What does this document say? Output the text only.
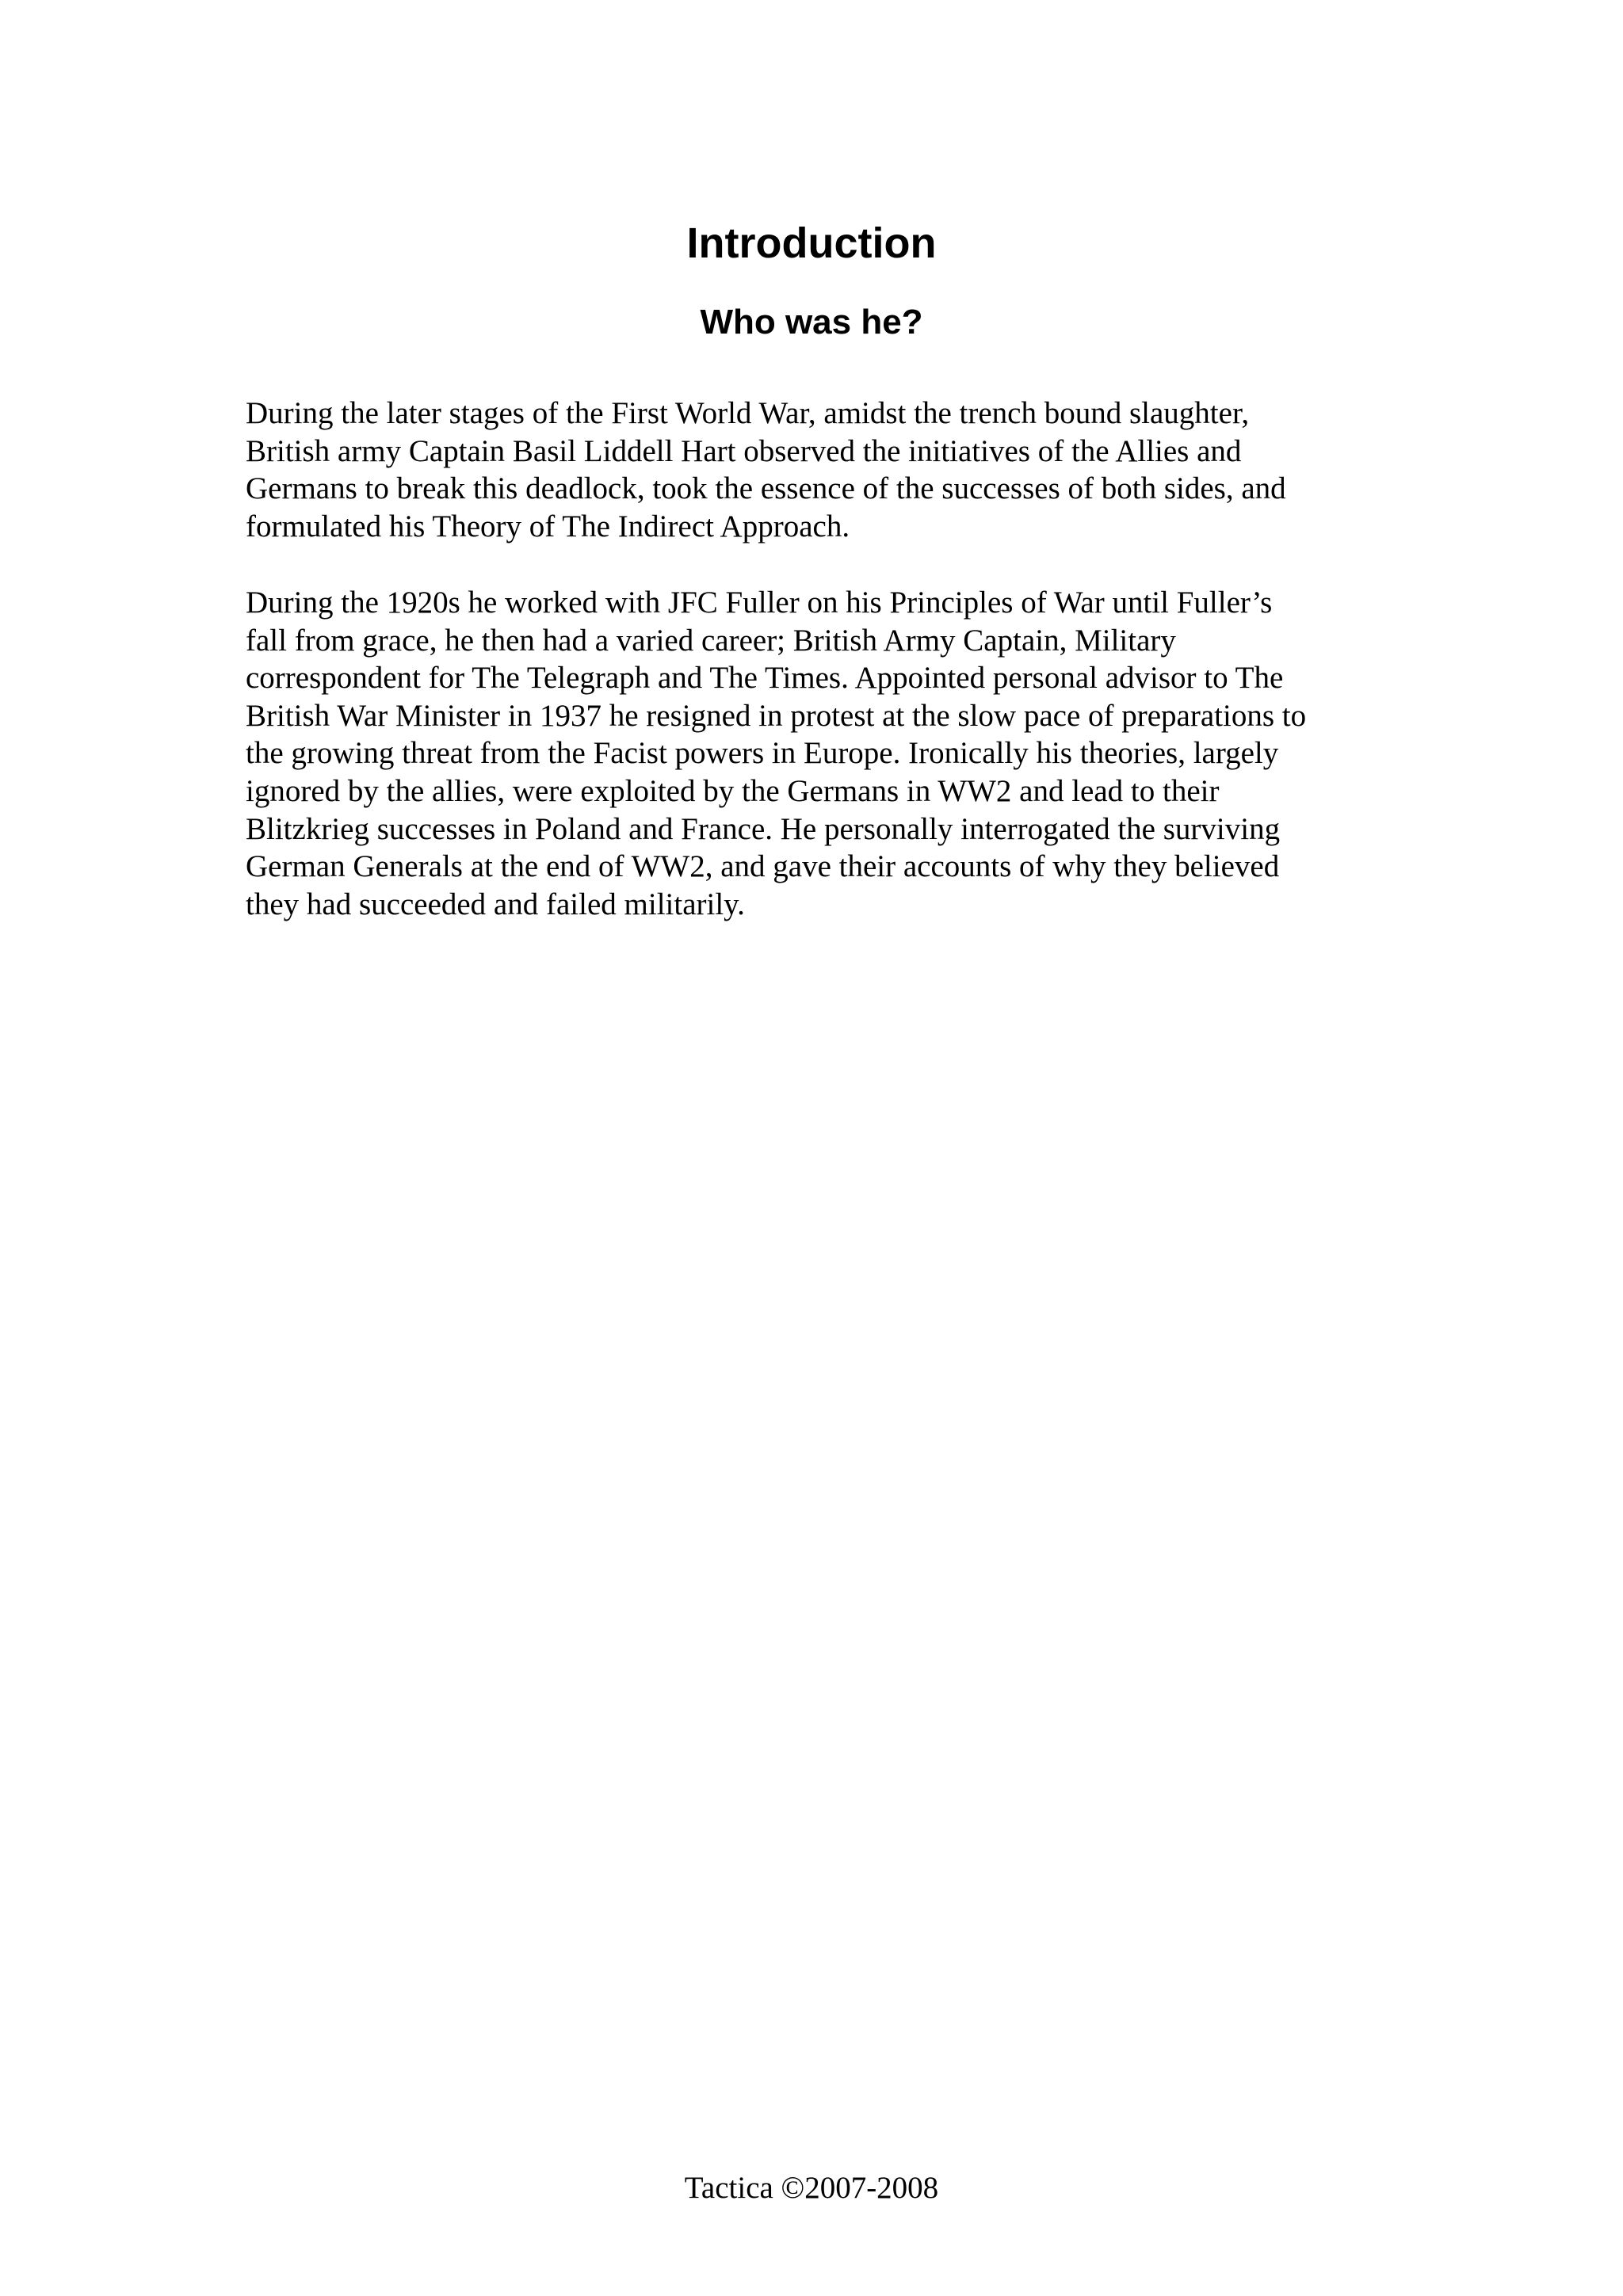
Introduction
Who was he?
During the later stages of the First World War, amidst the trench bound slaughter,
British army Captain Basil Liddell Hart observed the initiatives of the Allies and
Germans to break this deadlock, took the essence of the successes of both sides, and
formulated his Theory of The Indirect Approach.
During the 1920s he worked with JFC Fuller on his Principles of War until Fuller’s
fall from grace, he then had a varied career; British Army Captain, Military
correspondent for The Telegraph and The Times. Appointed personal advisor to The
British War Minister in 1937 he resigned in protest at the slow pace of preparations to
the growing threat from the Facist powers in Europe. Ironically his theories, largely
ignored by the allies, were exploited by the Germans in WW2 and lead to their
Blitzkrieg successes in Poland and France. He personally interrogated the surviving
German Generals at the end of WW2, and gave their accounts of why they believed
they had succeeded and failed militarily.
Tactica ©2007-2008
